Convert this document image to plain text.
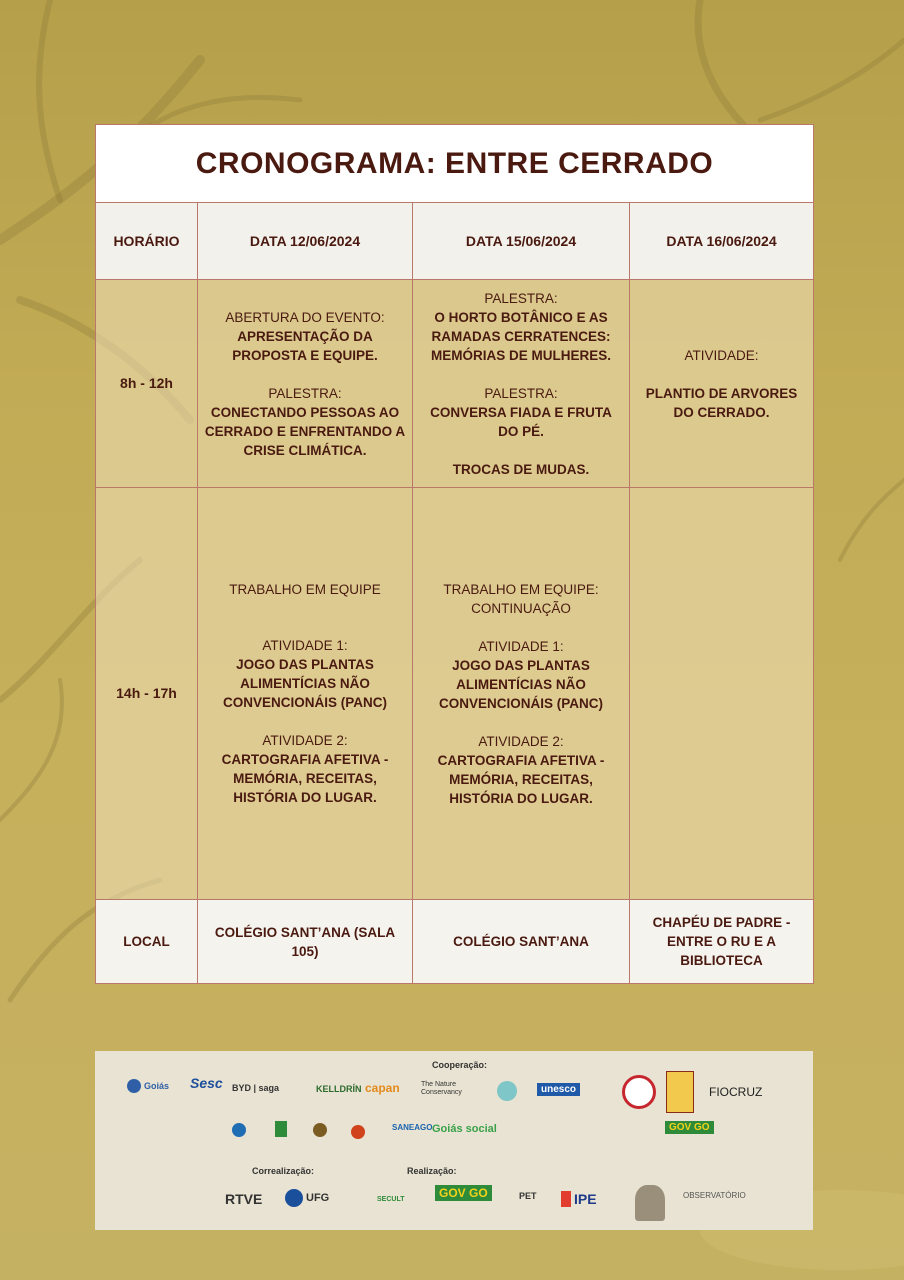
CRONOGRAMA: ENTRE CERRADO			
HORÁRIO	DATA 12/06/2024	DATA 15/06/2024	DATA 16/06/2024
8h - 12h	ABERTURA DO EVENTO:
APRESENTAÇÃO DA PROPOSTA E EQUIPE.
PALESTRA:
CONECTANDO PESSOAS AO CERRADO E ENFRENTANDO A CRISE CLIMÁTICA.	PALESTRA:
O HORTO BOTÂNICO E AS RAMADAS CERRATENCES: MEMÓRIAS DE MULHERES.
PALESTRA:
CONVERSA FIADA E FRUTA DO PÉ.
TROCAS DE MUDAS.	ATIVIDADE:
PLANTIO DE ARVORES DO CERRADO.

14h - 17h	TRABALHO EM EQUIPE
ATIVIDADE 1:
JOGO DAS PLANTAS ALIMENTÍCIAS NÃO CONVENCIONÁIS (PANC)
ATIVIDADE 2:
CARTOGRAFIA AFETIVA - MEMÓRIA, RECEITAS, HISTÓRIA DO LUGAR.	TRABALHO EM EQUIPE: CONTINUAÇÃO
ATIVIDADE 1:
JOGO DAS PLANTAS ALIMENTÍCIAS NÃO CONVENCIONÁIS (PANC)
ATIVIDADE 2:
CARTOGRAFIA AFETIVA - MEMÓRIA, RECEITAS, HISTÓRIA DO LUGAR.	

LOCAL	COLÉGIO SANT’ANA (SALA 105)	COLÉGIO SANT’ANA	CHAPÉU DE PADRE - ENTRE O RU E A BIBLIOTECA
Cooperação:
Goiás Sesc BYD | saga	KELLDRÍN capan	The Nature Conservancy	unesco	FIOCRUZ
SANEAGO Goiás social	GOV GO
Correalização:	Realização:
RTVE	UFG	SECULT	GOV GO	PET	IPE	OBSERVATÓRIO
